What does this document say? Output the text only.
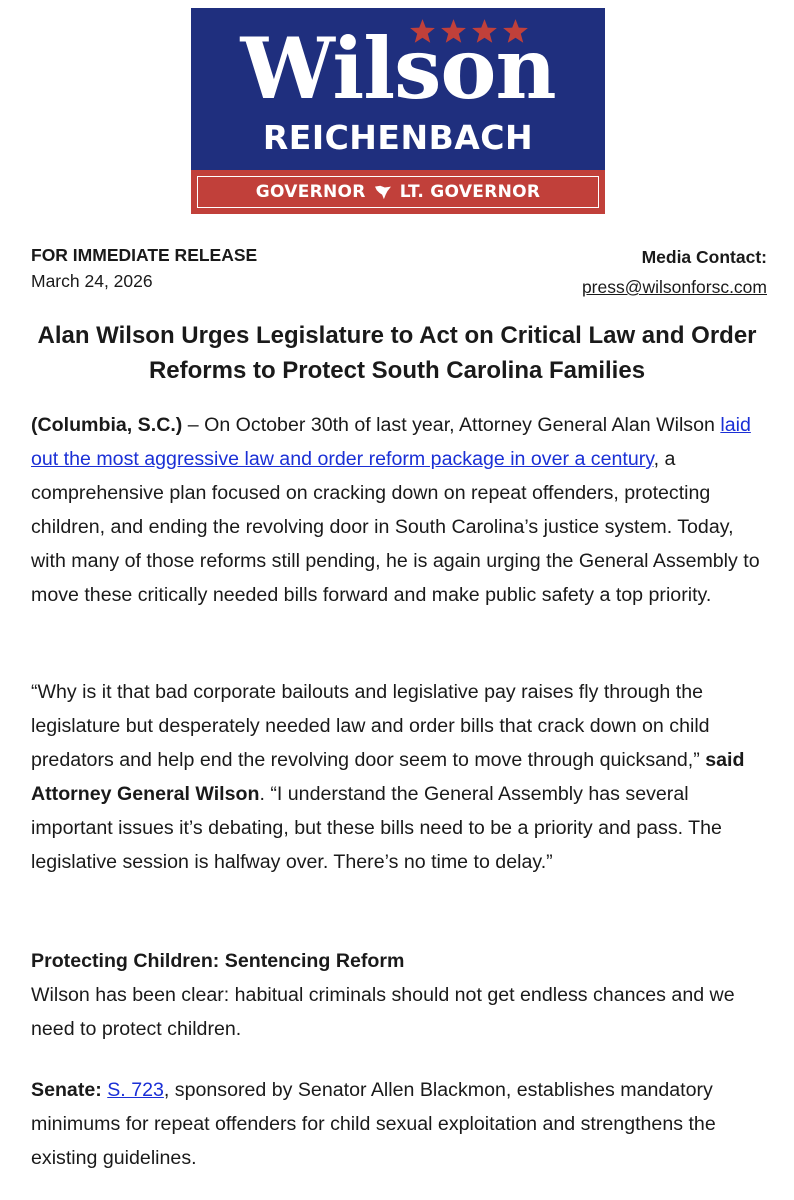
Wilson
REICHENBACH
GOVERNOR LT. GOVERNOR
FOR IMMEDIATE RELEASE
March 24, 2026
Media Contact:
press@wilsonforsc.com
Alan Wilson Urges Legislature to Act on Critical Law and Order Reforms to Protect South Carolina Families
(Columbia, S.C.) – On October 30th of last year, Attorney General Alan Wilson laid out the most aggressive law and order reform package in over a century, a comprehensive plan focused on cracking down on repeat offenders, protecting children, and ending the revolving door in South Carolina’s justice system. Today, with many of those reforms still pending, he is again urging the General Assembly to move these critically needed bills forward and make public safety a top priority.
“Why is it that bad corporate bailouts and legislative pay raises fly through the legislature but desperately needed law and order bills that crack down on child predators and help end the revolving door seem to move through quicksand,” said Attorney General Wilson. “I understand the General Assembly has several important issues it’s debating, but these bills need to be a priority and pass. The legislative session is halfway over. There’s no time to delay.”
Protecting Children: Sentencing Reform
Wilson has been clear: habitual criminals should not get endless chances and we need to protect children.
Senate: S. 723, sponsored by Senator Allen Blackmon, establishes mandatory minimums for repeat offenders for child sexual exploitation and strengthens the existing guidelines.
